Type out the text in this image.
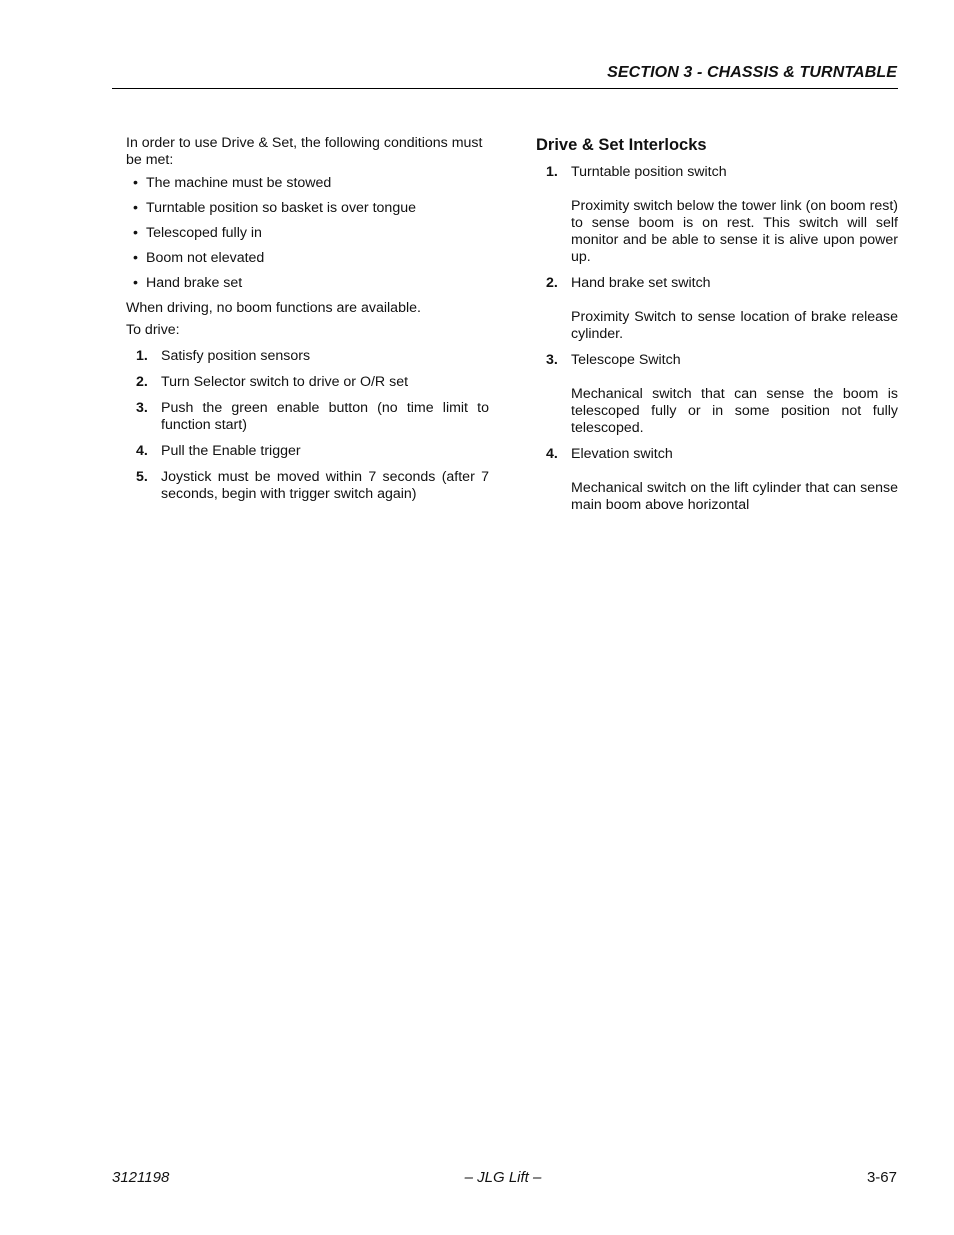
SECTION 3 - CHASSIS & TURNTABLE

In order to use Drive & Set, the following conditions must be met:

• The machine must be stowed
• Turntable position so basket is over tongue
• Telescoped fully in
• Boom not elevated
• Hand brake set

When driving, no boom functions are available.

To drive:

1. Satisfy position sensors
2. Turn Selector switch to drive or O/R set
3. Push the green enable button (no time limit to function start)
4. Pull the Enable trigger
5. Joystick must be moved within 7 seconds (after 7 seconds, begin with trigger switch again)
Drive & Set Interlocks
1. Turntable position switch
Proximity switch below the tower link (on boom rest) to sense boom is on rest. This switch will self monitor and be able to sense it is alive upon power up.
2. Hand brake set switch
Proximity Switch to sense location of brake release cylinder.
3. Telescope Switch
Mechanical switch that can sense the boom is telescoped fully or in some position not fully telescoped.
4. Elevation switch
Mechanical switch on the lift cylinder that can sense main boom above horizontal
3121198	– JLG Lift –	3-67
